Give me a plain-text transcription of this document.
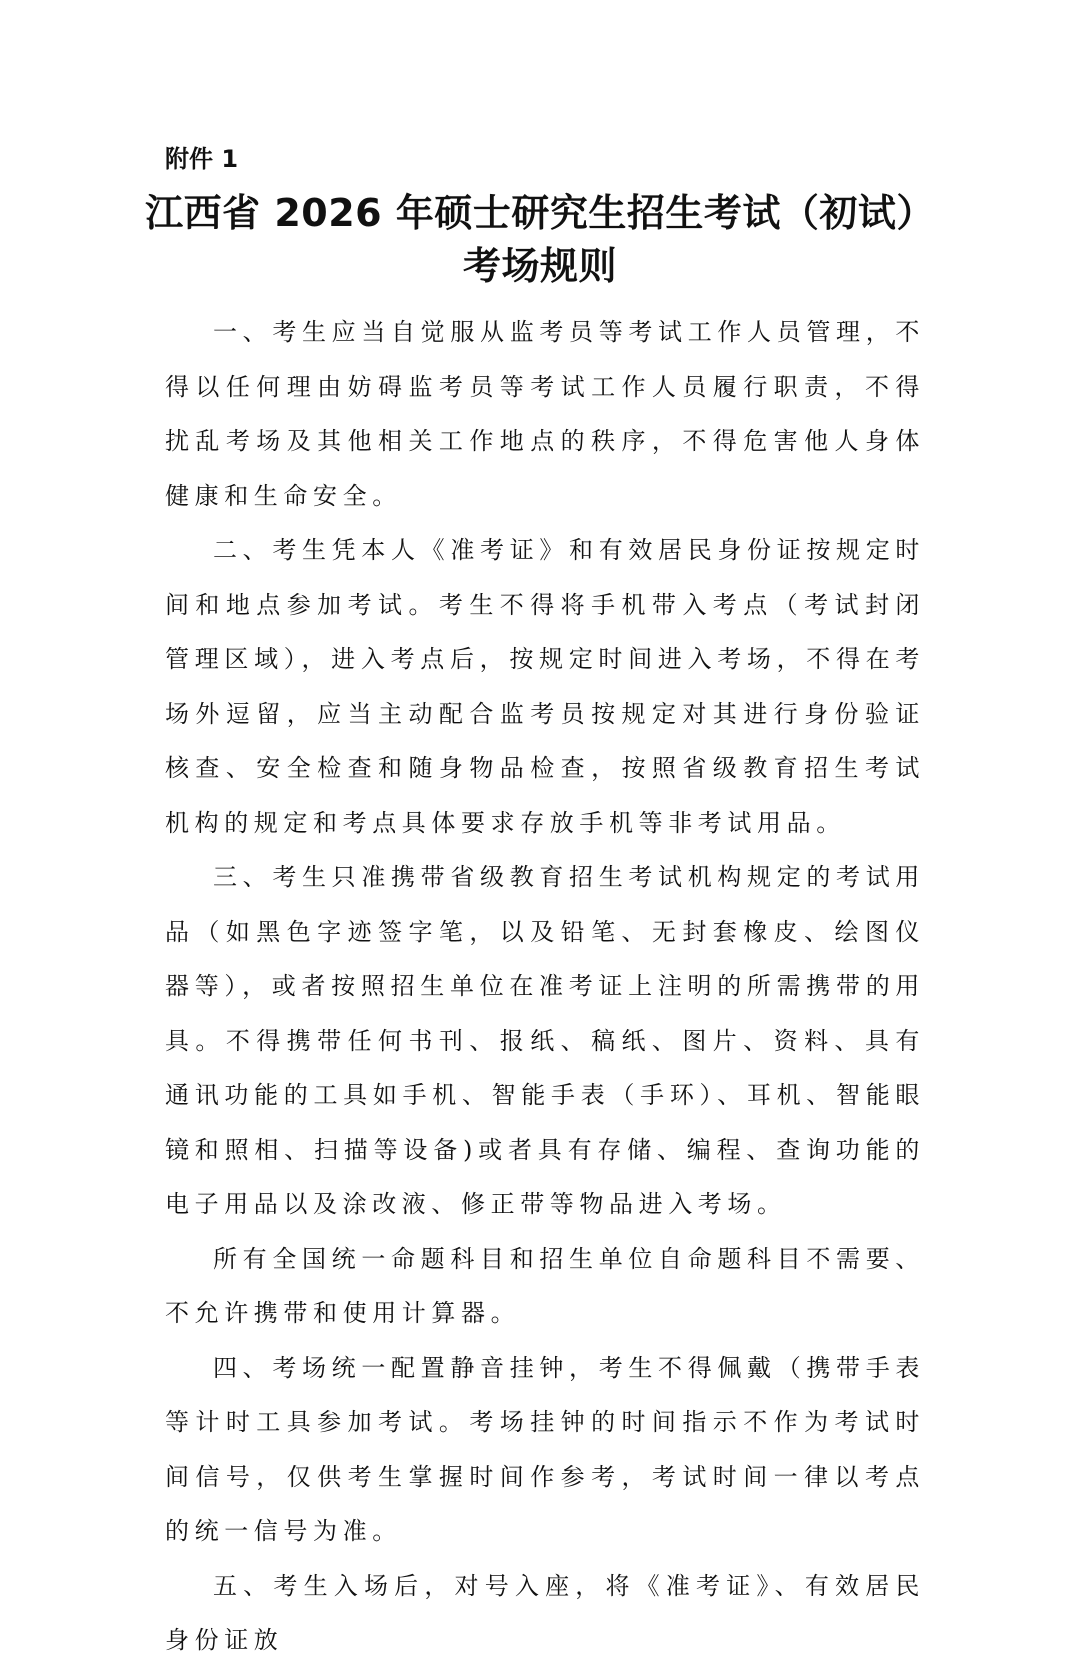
附件 1
江西省 2026 年硕士研究生招生考试（初试）
考场规则

一、考生应当自觉服从监考员等考试工作人员管理，不得以任何理由妨碍监考员等考试工作人员履行职责，不得扰乱考场及其他相关工作地点的秩序，不得危害他人身体健康和生命安全。

二、考生凭本人《准考证》和有效居民身份证按规定时间和地点参加考试。考生不得将手机带入考点（考试封闭管理区域），进入考点后，按规定时间进入考场，不得在考场外逗留，应当主动配合监考员按规定对其进行身份验证核查、安全检查和随身物品检查，按照省级教育招生考试机构的规定和考点具体要求存放手机等非考试用品。

三、考生只准携带省级教育招生考试机构规定的考试用品（如黑色字迹签字笔，以及铅笔、无封套橡皮、绘图仪器等），或者按照招生单位在准考证上注明的所需携带的用具。不得携带任何书刊、报纸、稿纸、图片、资料、具有通讯功能的工具如手机、智能手表（手环）、耳机、智能眼镜和照相、扫描等设备)或者具有存储、编程、查询功能的电子用品以及涂改液、修正带等物品进入考场。

所有全国统一命题科目和招生单位自命题科目不需要、不允许携带和使用计算器。

四、考场统一配置静音挂钟，考生不得佩戴（携带手表等计时工具参加考试。考场挂钟的时间指示不作为考试时间信号，仅供考生掌握时间作参考，考试时间一律以考点的统一信号为准。

五、考生入场后，对号入座，将《准考证》、有效居民身份证放
